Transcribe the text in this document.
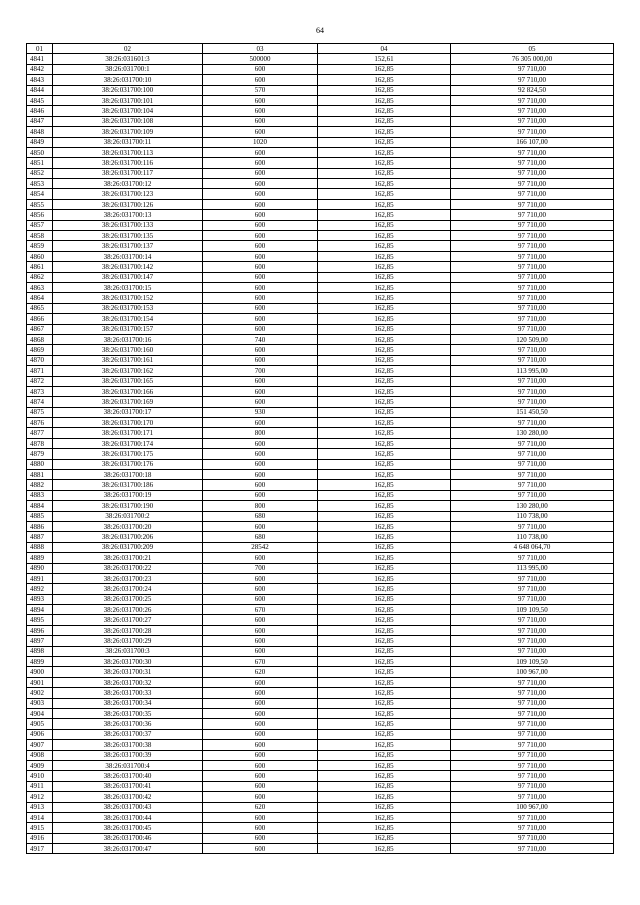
64
01	02	03	04	05
4841	38:26:031601:3	500000	152,61	76 305 000,00
4842	38:26:031700:1	600	162,85	97 710,00
4843	38:26:031700:10	600	162,85	97 710,00
4844	38:26:031700:100	570	162,85	92 824,50
4845	38:26:031700:101	600	162,85	97 710,00
4846	38:26:031700:104	600	162,85	97 710,00
4847	38:26:031700:108	600	162,85	97 710,00
4848	38:26:031700:109	600	162,85	97 710,00
4849	38:26:031700:11	1020	162,85	166 107,00
4850	38:26:031700:113	600	162,85	97 710,00
4851	38:26:031700:116	600	162,85	97 710,00
4852	38:26:031700:117	600	162,85	97 710,00
4853	38:26:031700:12	600	162,85	97 710,00
4854	38:26:031700:123	600	162,85	97 710,00
4855	38:26:031700:126	600	162,85	97 710,00
4856	38:26:031700:13	600	162,85	97 710,00
4857	38:26:031700:133	600	162,85	97 710,00
4858	38:26:031700:135	600	162,85	97 710,00
4859	38:26:031700:137	600	162,85	97 710,00
4860	38:26:031700:14	600	162,85	97 710,00
4861	38:26:031700:142	600	162,85	97 710,00
4862	38:26:031700:147	600	162,85	97 710,00
4863	38:26:031700:15	600	162,85	97 710,00
4864	38:26:031700:152	600	162,85	97 710,00
4865	38:26:031700:153	600	162,85	97 710,00
4866	38:26:031700:154	600	162,85	97 710,00
4867	38:26:031700:157	600	162,85	97 710,00
4868	38:26:031700:16	740	162,85	120 509,00
4869	38:26:031700:160	600	162,85	97 710,00
4870	38:26:031700:161	600	162,85	97 710,00
4871	38:26:031700:162	700	162,85	113 995,00
4872	38:26:031700:165	600	162,85	97 710,00
4873	38:26:031700:166	600	162,85	97 710,00
4874	38:26:031700:169	600	162,85	97 710,00
4875	38:26:031700:17	930	162,85	151 450,50
4876	38:26:031700:170	600	162,85	97 710,00
4877	38:26:031700:171	800	162,85	130 280,00
4878	38:26:031700:174	600	162,85	97 710,00
4879	38:26:031700:175	600	162,85	97 710,00
4880	38:26:031700:176	600	162,85	97 710,00
4881	38:26:031700:18	600	162,85	97 710,00
4882	38:26:031700:186	600	162,85	97 710,00
4883	38:26:031700:19	600	162,85	97 710,00
4884	38:26:031700:190	800	162,85	130 280,00
4885	38:26:031700:2	680	162,85	110 738,00
4886	38:26:031700:20	600	162,85	97 710,00
4887	38:26:031700:206	680	162,85	110 738,00
4888	38:26:031700:209	28542	162,85	4 648 064,70
4889	38:26:031700:21	600	162,85	97 710,00
4890	38:26:031700:22	700	162,85	113 995,00
4891	38:26:031700:23	600	162,85	97 710,00
4892	38:26:031700:24	600	162,85	97 710,00
4893	38:26:031700:25	600	162,85	97 710,00
4894	38:26:031700:26	670	162,85	109 109,50
4895	38:26:031700:27	600	162,85	97 710,00
4896	38:26:031700:28	600	162,85	97 710,00
4897	38:26:031700:29	600	162,85	97 710,00
4898	38:26:031700:3	600	162,85	97 710,00
4899	38:26:031700:30	670	162,85	109 109,50
4900	38:26:031700:31	620	162,85	100 967,00
4901	38:26:031700:32	600	162,85	97 710,00
4902	38:26:031700:33	600	162,85	97 710,00
4903	38:26:031700:34	600	162,85	97 710,00
4904	38:26:031700:35	600	162,85	97 710,00
4905	38:26:031700:36	600	162,85	97 710,00
4906	38:26:031700:37	600	162,85	97 710,00
4907	38:26:031700:38	600	162,85	97 710,00
4908	38:26:031700:39	600	162,85	97 710,00
4909	38:26:031700:4	600	162,85	97 710,00
4910	38:26:031700:40	600	162,85	97 710,00
4911	38:26:031700:41	600	162,85	97 710,00
4912	38:26:031700:42	600	162,85	97 710,00
4913	38:26:031700:43	620	162,85	100 967,00
4914	38:26:031700:44	600	162,85	97 710,00
4915	38:26:031700:45	600	162,85	97 710,00
4916	38:26:031700:46	600	162,85	97 710,00
4917	38:26:031700:47	600	162,85	97 710,00
